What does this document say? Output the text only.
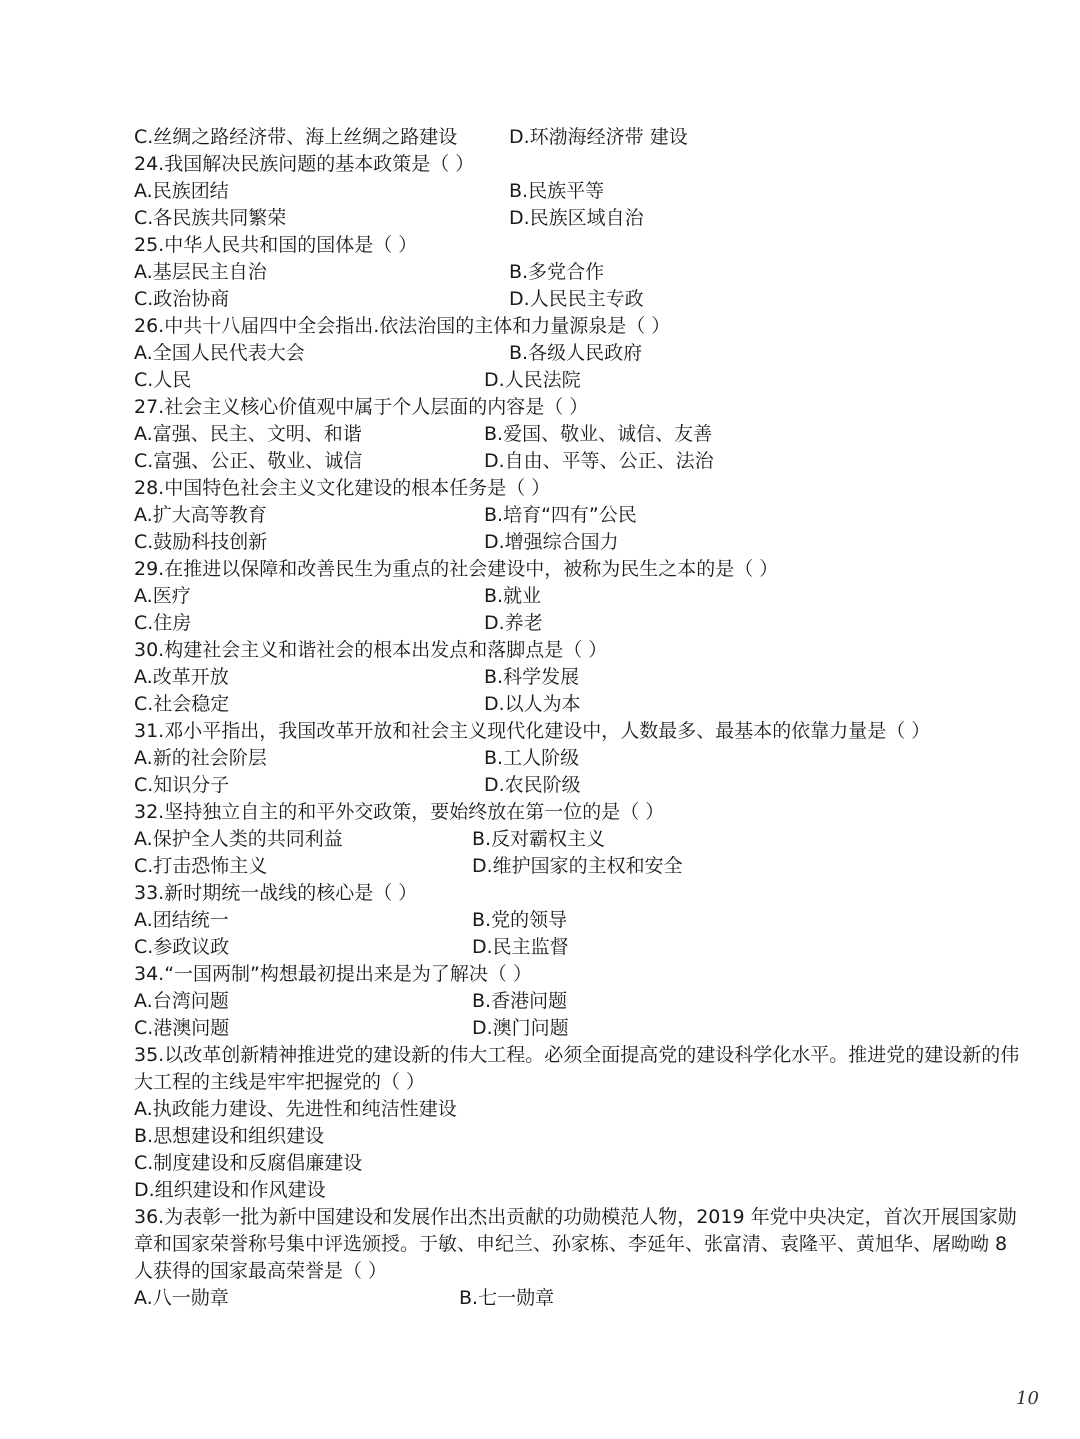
C.丝绸之路经济带、海上丝绸之路建设	D.环渤海经济带 建设
24.我国解决民族问题的基本政策是（ ）
A.民族团结	B.民族平等
C.各民族共同繁荣	D.民族区域自治
25.中华人民共和国的国体是（ ）
A.基层民主自治	B.多党合作
C.政治协商	D.人民民主专政
26.中共十八届四中全会指出.依法治国的主体和力量源泉是（ ）
A.全国人民代表大会	B.各级人民政府
C.人民	D.人民法院
27.社会主义核心价值观中属于个人层面的内容是（ ）
A.富强、民主、文明、和谐	B.爱国、敬业、诚信、友善
C.富强、公正、敬业、诚信	D.自由、平等、公正、法治
28.中国特色社会主义文化建设的根本任务是（ ）
A.扩大高等教育	B.培育“四有”公民
C.鼓励科技创新	D.增强综合国力
29.在推进以保障和改善民生为重点的社会建设中，被称为民生之本的是（ ）
A.医疗	B.就业
C.住房	D.养老
30.构建社会主义和谐社会的根本出发点和落脚点是（ ）
A.改革开放	B.科学发展
C.社会稳定	D.以人为本
31.邓小平指出，我国改革开放和社会主义现代化建设中，人数最多、最基本的依靠力量是（ ）
A.新的社会阶层	B.工人阶级
C.知识分子	D.农民阶级
32.坚持独立自主的和平外交政策，要始终放在第一位的是（ ）
A.保护全人类的共同利益	B.反对霸权主义
C.打击恐怖主义	D.维护国家的主权和安全
33.新时期统一战线的核心是（ ）
A.团结统一	B.党的领导
C.参政议政	D.民主监督
34.“一国两制”构想最初提出来是为了解决（ ）
A.台湾问题	B.香港问题
C.港澳问题	D.澳门问题
35.以改革创新精神推进党的建设新的伟大工程。必须全面提高党的建设科学化水平。推进党的建设新的伟大工程的主线是牢牢把握党的（ ）
A.执政能力建设、先进性和纯洁性建设
B.思想建设和组织建设
C.制度建设和反腐倡廉建设
D.组织建设和作风建设
36.为表彰一批为新中国建设和发展作出杰出贡献的功勋模范人物，2019 年党中央决定，首次开展国家勋章和国家荣誉称号集中评选颁授。于敏、申纪兰、孙家栋、李延年、张富清、袁隆平、黄旭华、屠呦呦 8 人获得的国家最高荣誉是（ ）
A.八一勋章	B.七一勋章
10
